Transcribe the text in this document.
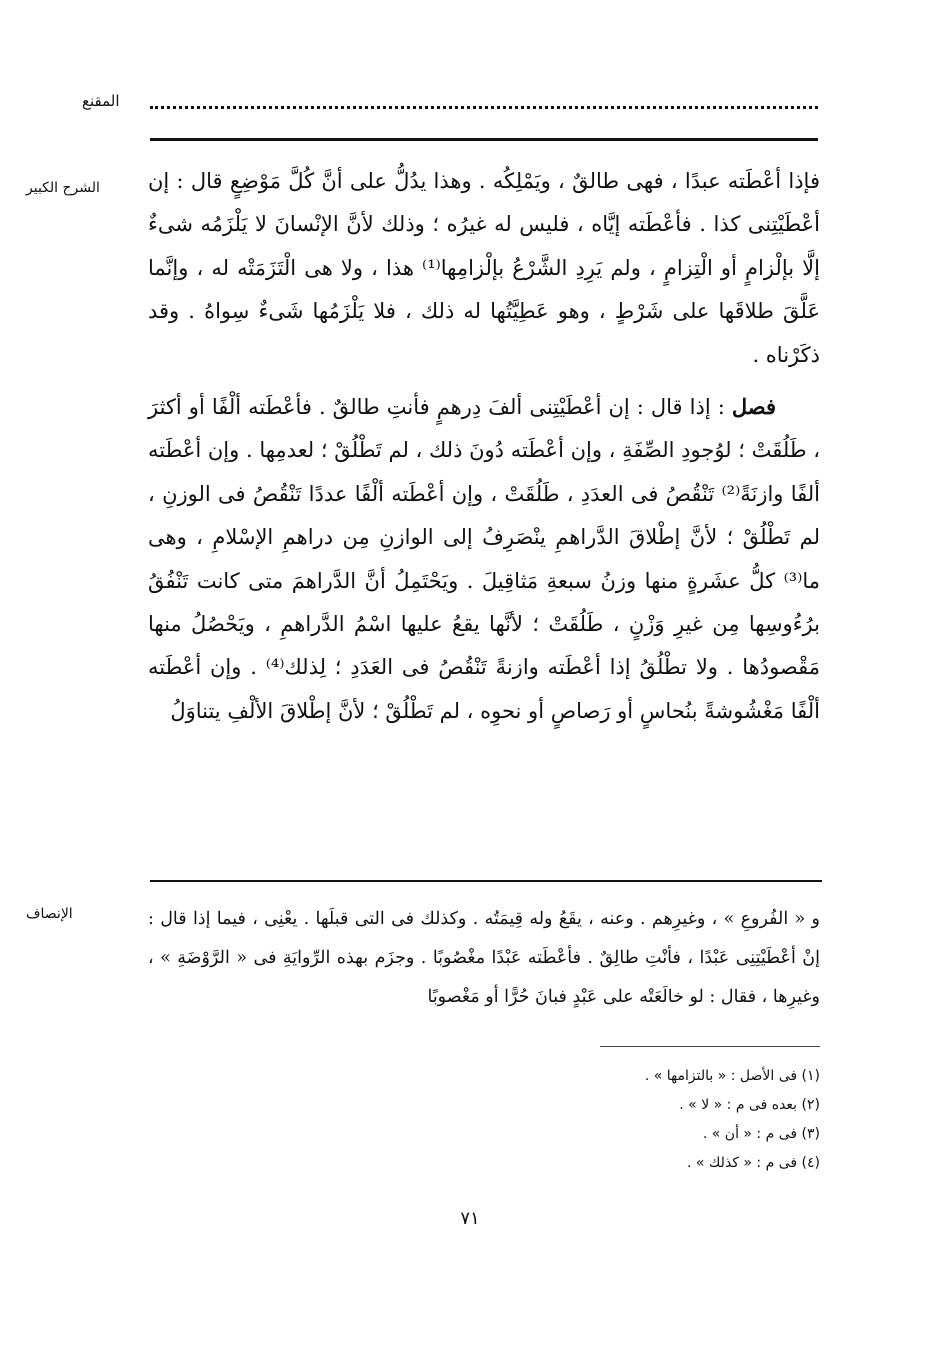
المقنع
الشرح الكبير
الإنصاف

فإذا أعْطَته عبدًا ، فهى طالقٌ ، ويَمْلِكُه . وهذا يدُلُّ على أنَّ كُلَّ مَوْضِعٍ قال : إن أعْطَيْتِنى كذا . فأعْطَته إيَّاه ، فليس له غيرُه ؛ وذلك لأنَّ الإنْسانَ لا يَلْزَمُه شىءٌ إلَّا بإلْزامٍ أو الْتِزامٍ ، ولم يَرِدِ الشَّرْعُ بإلْزامِها⁽¹⁾ هذا ، ولا هى الْتَزَمَتْه له ، وإنَّما عَلَّقَ طلاقَها على شَرْطٍ ، وهو عَطِيَّتُها له ذلك ، فلا يَلْزَمُها شَىءٌ سِواهُ . وقد ذكَرْناه .

فصل : إذا قال : إن أعْطَيْتِنى ألفَ دِرهمٍ فأنتِ طالقٌ . فأعْطَته ألْفًا أو أكثرَ ، طَلُقَتْ ؛ لوُجودِ الصِّفَةِ ، وإن أعْطَته دُونَ ذلك ، لم تَطْلُقْ ؛ لعدمِها . وإن أعْطَته ألفًا وازنَةً⁽²⁾ تَنْقُصُ فى العدَدِ ، طَلُقَتْ ، وإن أعْطَته ألْفًا عددًا تَنْقُصُ فى الوزنِ ، لم تَطْلُقْ ؛ لأنَّ إطْلاقَ الدَّراهمِ ينْصَرِفُ إلى الوازنِ مِن دراهمِ الإسْلامِ ، وهى ما⁽³⁾ كلُّ عشَرةٍ منها وزنُ سبعةِ مَثاقِيلَ . ويَحْتَمِلُ أنَّ الدَّراهمَ متى كانت تَنْفُقُ برُءُوسِها مِن غيرِ وَزْنٍ ، طَلُقَتْ ؛ لأنَّها يقعُ عليها اسْمُ الدَّراهمِ ، ويَحْصُلُ منها مَقْصودُها . ولا تطْلُقُ إذا أعْطَته وازنةً تَنْقُصُ فى العَدَدِ ؛ لِذلك⁽⁴⁾ . وإن أعْطَته ألْفًا مَغْشُوشةً بنُحاسٍ أو رَصاصٍ أو نحوِه ، لم تَطْلُقْ ؛ لأنَّ إطْلاقَ الألْفِ يتناوَلُ

و « الفُروعِ » ، وغيرِهم . وعنه ، يقَعُ وله قِيمَتُه . وكذلك فى التى قبلَها . يعْنِى ، فيما إذا قال : إنْ أعْطَيْتِنِى عَبْدًا ، فأنْتِ طالِقٌ . فأعْطَته عَبْدًا مغْصُوبًا . وجزَم بهذه الرِّوايَةِ فى « الرَّوْضَةِ » ، وغيرِها ، فقال : لو خالَعَتْه على عَبْدٍ فبانَ حُرًّا أو مَغْصوبًا

(١) فى الأصل : « بالتزامها » .
(٢) بعده فى م : « لا » .
(٣) فى م : « أن » .
(٤) فى م : « كذلك » .
٧١
